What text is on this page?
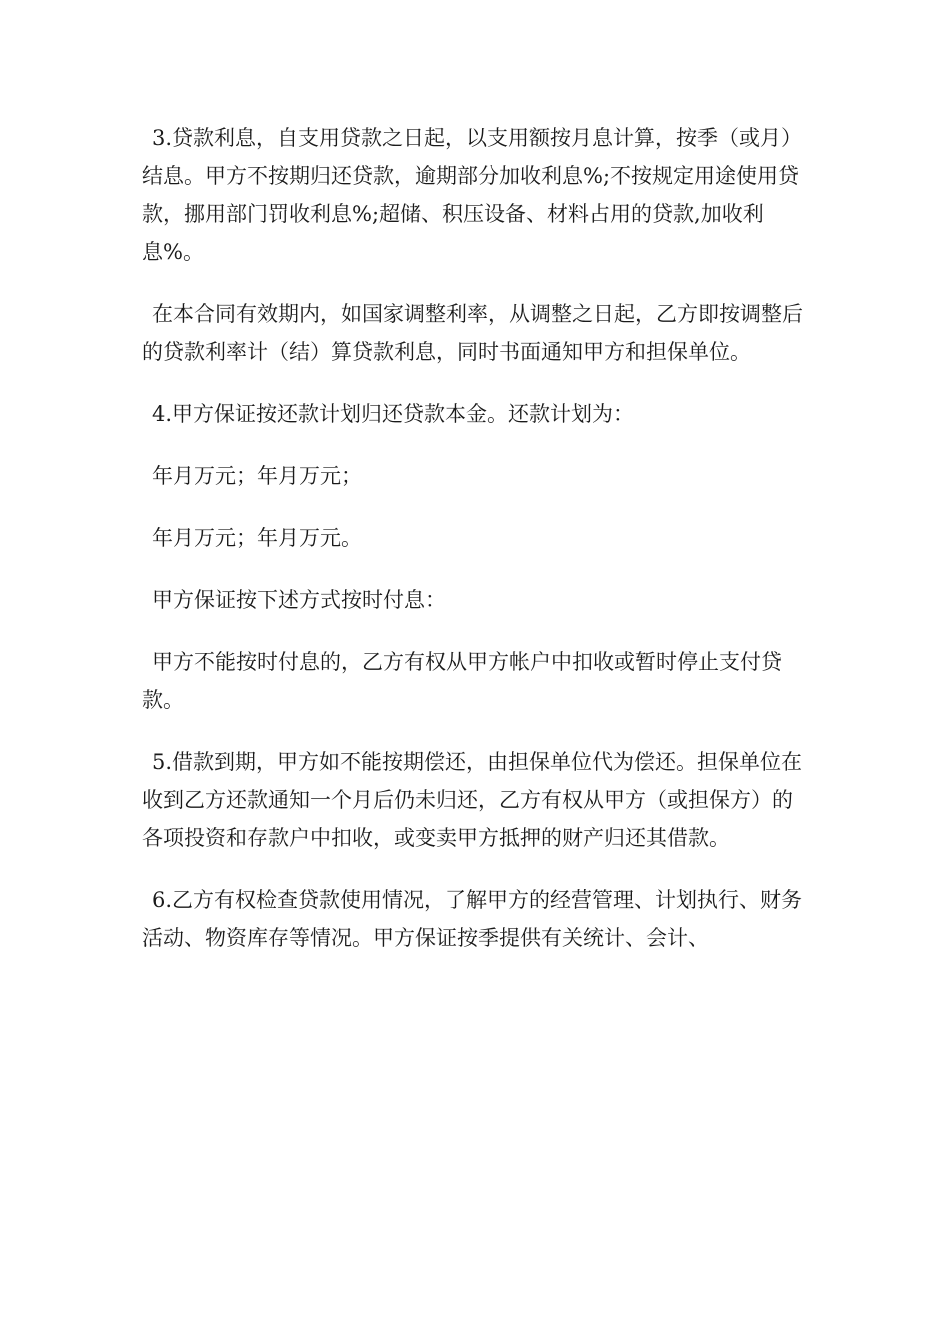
3.贷款利息，自支用贷款之日起，以支用额按月息计算，按季（或月）结息。甲方不按期归还贷款，逾期部分加收利息%;不按规定用途使用贷款，挪用部门罚收利息%;超储、积压设备、材料占用的贷款,加收利息%。

在本合同有效期内，如国家调整利率，从调整之日起，乙方即按调整后的贷款利率计（结）算贷款利息，同时书面通知甲方和担保单位。

4.甲方保证按还款计划归还贷款本金。还款计划为：

年月万元；年月万元；

年月万元；年月万元。

甲方保证按下述方式按时付息：

甲方不能按时付息的，乙方有权从甲方帐户中扣收或暂时停止支付贷款。

5.借款到期，甲方如不能按期偿还，由担保单位代为偿还。担保单位在收到乙方还款通知一个月后仍未归还，乙方有权从甲方（或担保方）的各项投资和存款户中扣收，或变卖甲方抵押的财产归还其借款。

6.乙方有权检查贷款使用情况，了解甲方的经营管理、计划执行、财务活动、物资库存等情况。甲方保证按季提供有关统计、会计、
